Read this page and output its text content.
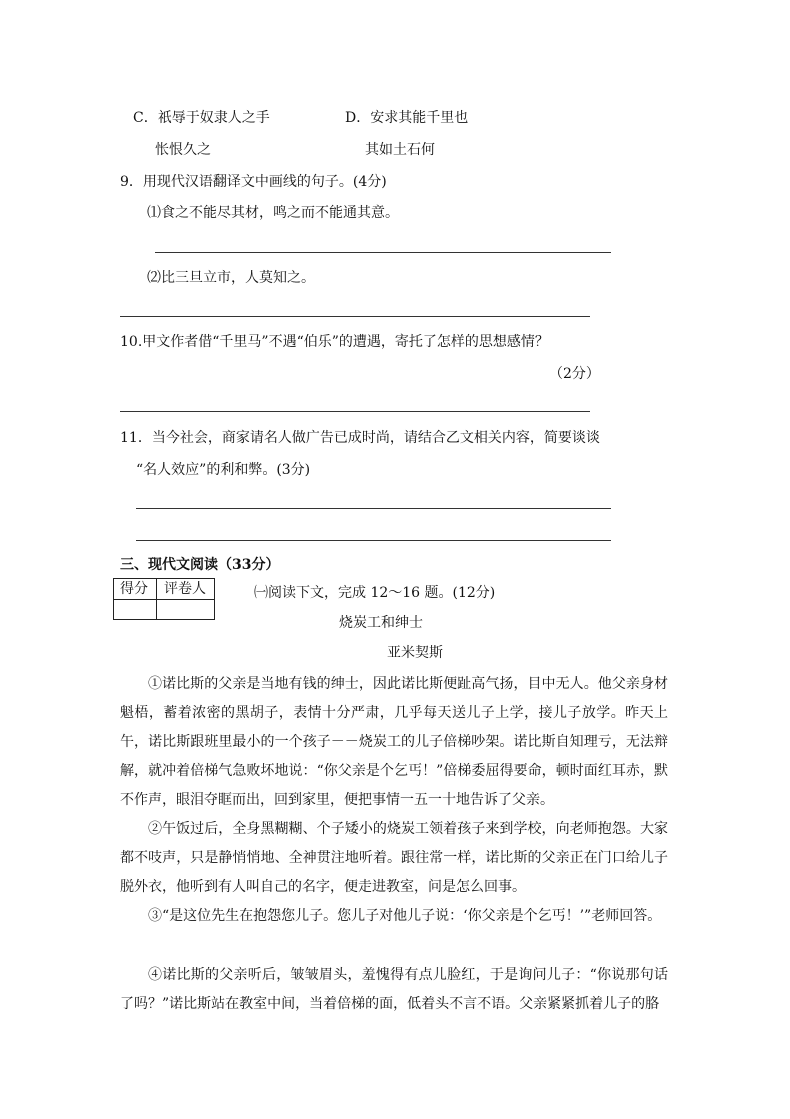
C．祇辱于奴隶人之手	D．安求其能千里也
怅恨久之	其如土石何
9．用现代汉语翻译文中画线的句子。(4分)
⑴食之不能尽其材，鸣之而不能通其意。
⑵比三旦立市，人莫知之。
10.甲文作者借“千里马”不遇“伯乐”的遭遇，寄托了怎样的思想感情？
（2分）
11．当今社会，商家请名人做广告已成时尚，请结合乙文相关内容，简要谈谈
“名人效应”的利和弊。(3分)
三、现代文阅读（33分）
得分 评卷人	㈠阅读下文，完成 12～16 题。(12分)
烧炭工和绅士
亚米契斯
①诺比斯的父亲是当地有钱的绅士，因此诺比斯便趾高气扬，目中无人。他父亲身材魁梧，蓄着浓密的黑胡子，表情十分严肃，几乎每天送儿子上学，接儿子放学。昨天上午，诺比斯跟班里最小的一个孩子－－烧炭工的儿子倍梯吵架。诺比斯自知理亏，无法辩解，就冲着倍梯气急败坏地说：“你父亲是个乞丐！”倍梯委屈得要命，顿时面红耳赤，默不作声，眼泪夺眶而出，回到家里，便把事情一五一十地告诉了父亲。
②午饭过后，全身黑糊糊、个子矮小的烧炭工领着孩子来到学校，向老师抱怨。大家都不吱声，只是静悄悄地、全神贯注地听着。跟往常一样，诺比斯的父亲正在门口给儿子脱外衣，他听到有人叫自己的名字，便走进教室，问是怎么回事。
③“是这位先生在抱怨您儿子。您儿子对他儿子说：‘你父亲是个乞丐！’”老师回答。
④诺比斯的父亲听后，皱皱眉头，羞愧得有点儿脸红，于是询问儿子：“你说那句话了吗？”诺比斯站在教室中间，当着倍梯的面，低着头不言不语。父亲紧紧抓着儿子的胳
